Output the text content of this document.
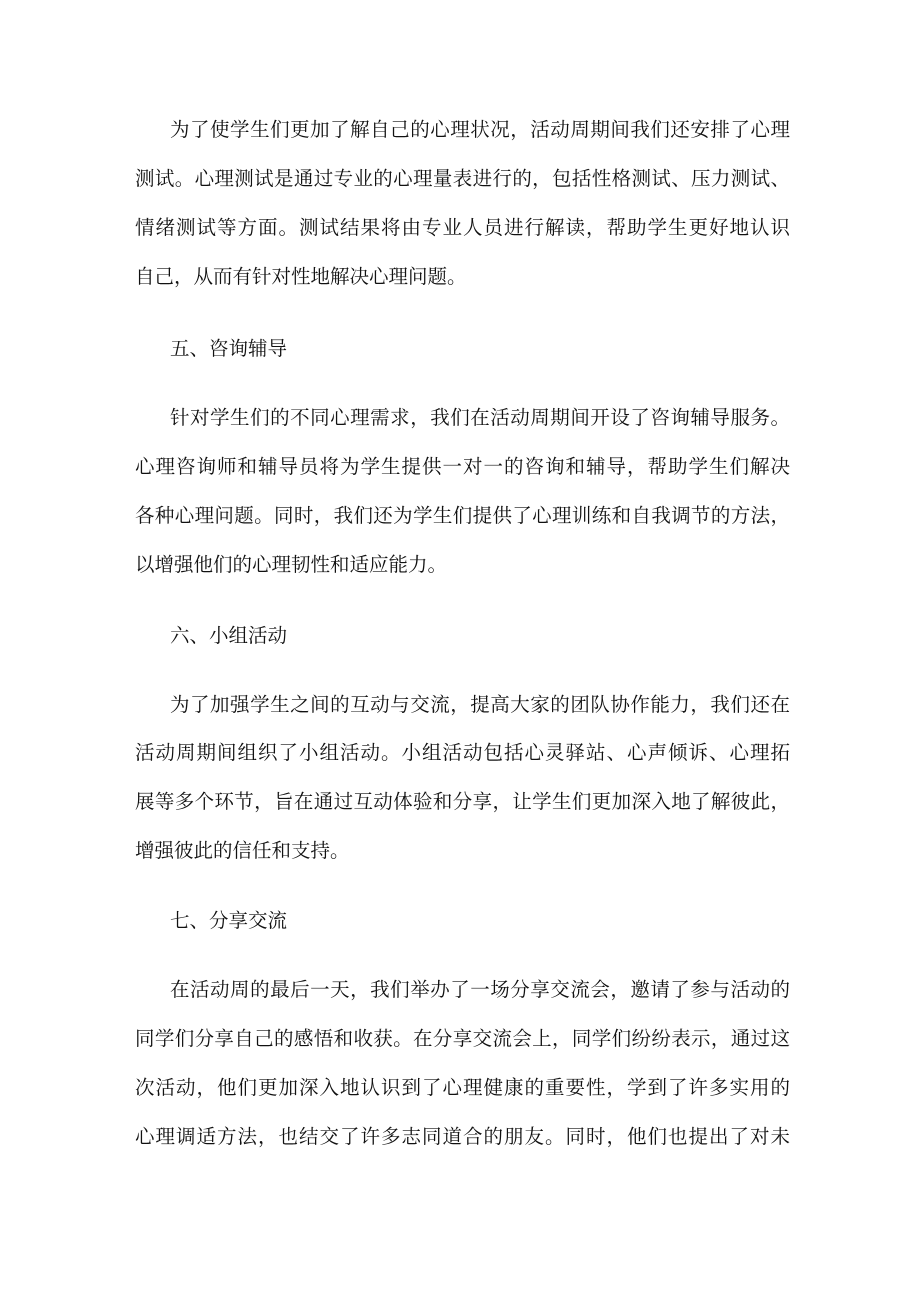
为了使学生们更加了解自己的心理状况，活动周期间我们还安排了心理
测试。心理测试是通过专业的心理量表进行的，包括性格测试、压力测试、
情绪测试等方面。测试结果将由专业人员进行解读，帮助学生更好地认识
自己，从而有针对性地解决心理问题。
五、咨询辅导
针对学生们的不同心理需求，我们在活动周期间开设了咨询辅导服务。
心理咨询师和辅导员将为学生提供一对一的咨询和辅导，帮助学生们解决
各种心理问题。同时，我们还为学生们提供了心理训练和自我调节的方法，
以增强他们的心理韧性和适应能力。
六、小组活动
为了加强学生之间的互动与交流，提高大家的团队协作能力，我们还在
活动周期间组织了小组活动。小组活动包括心灵驿站、心声倾诉、心理拓
展等多个环节，旨在通过互动体验和分享，让学生们更加深入地了解彼此，
增强彼此的信任和支持。
七、分享交流
在活动周的最后一天，我们举办了一场分享交流会，邀请了参与活动的
同学们分享自己的感悟和收获。在分享交流会上，同学们纷纷表示，通过这
次活动，他们更加深入地认识到了心理健康的重要性，学到了许多实用的
心理调适方法，也结交了许多志同道合的朋友。同时，他们也提出了对未
